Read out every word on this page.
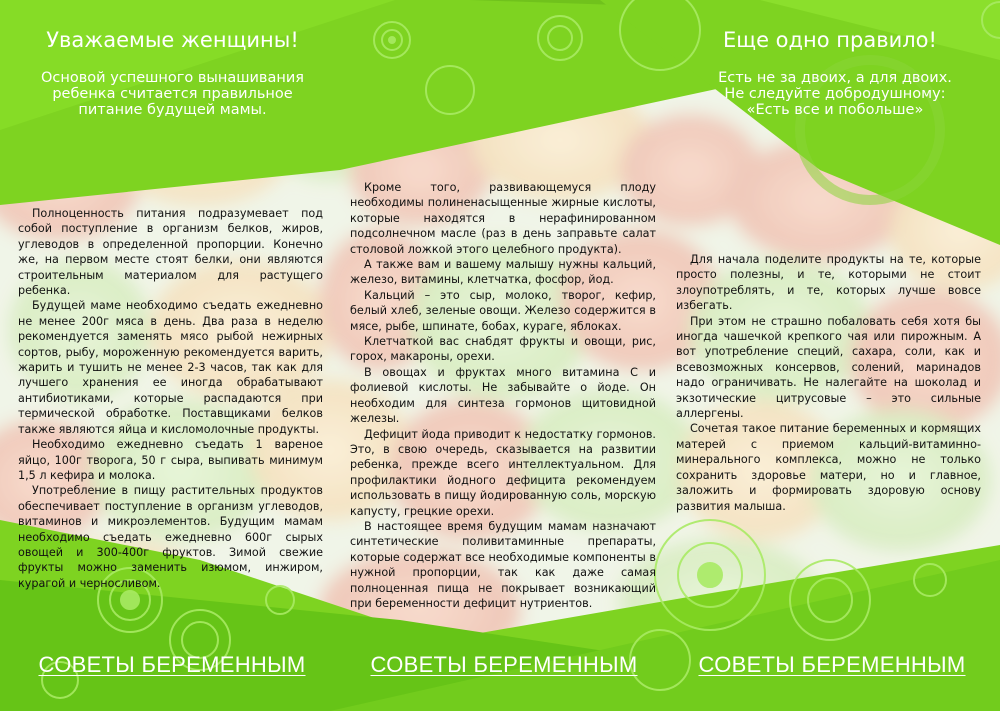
Уважаемые женщины!
Основой успешного вынашивания
ребенка считается правильное
питание будущей мамы.
Еще одно правило!
Есть не за двоих, а для двоих.
Не следуйте добродушному:
«Есть все и побольше»

Полноценность питания подразумевает под собой поступление в организм белков, жиров, углеводов в определенной пропорции. Конечно же, на первом месте стоят белки, они являются строительным материалом для растущего ребенка.

Будущей маме необходимо съедать ежедневно не менее 200г мяса в день. Два раза в неделю рекомендуется заменять мясо рыбой нежирных сортов, рыбу, мороженную рекомендуется варить, жарить и тушить не менее 2-3 часов, так как для лучшего хранения ее иногда обрабатывают антибиотиками, которые распадаются при термической обработке. Поставщиками белков также являются яйца и кисломолочные продукты.

Необходимо ежедневно съедать 1 вареное яйцо, 100г творога, 50 г сыра, выпивать минимум 1,5 л кефира и молока.

Употребление в пищу растительных продуктов обеспечивает поступление в организм углеводов, витаминов и микроэлементов. Будущим мамам необходимо съедать ежедневно 600г сырых овощей и 300-400г фруктов. Зимой свежие фрукты можно заменить изюмом, инжиром, курагой и черносливом.

Кроме того, развивающемуся плоду необходимы полиненасыщенные жирные кислоты, которые находятся в нерафинированном подсолнечном масле (раз в день заправьте салат столовой ложкой этого целебного продукта).

А также вам и вашему малышу нужны кальций, железо, витамины, клетчатка, фосфор, йод.

Кальций – это сыр, молоко, творог, кефир, белый хлеб, зеленые овощи. Железо содержится в мясе, рыбе, шпинате, бобах, кураге, яблоках.

Клетчаткой вас снабдят фрукты и овощи, рис, горох, макароны, орехи.

В овощах и фруктах много витамина С и фолиевой кислоты. Не забывайте о йоде. Он необходим для синтеза гормонов щитовидной железы.

Дефицит йода приводит к недостатку гормонов. Это, в свою очередь, сказывается на развитии ребенка, прежде всего интеллектуальном. Для профилактики йодного дефицита рекомендуем использовать в пищу йодированную соль, морскую капусту, грецкие орехи.

В настоящее время будущим мамам назначают синтетические поливитаминные препараты, которые содержат все необходимые компоненты в нужной пропорции, так как даже самая полноценная пища не покрывает возникающий при беременности дефицит нутриентов.

Для начала поделите продукты на те, которые просто полезны, и те, которыми не стоит злоупотреблять, и те, которых лучше вовсе избегать.

При этом не страшно побаловать себя хотя бы иногда чашечкой крепкого чая или пирожным. А вот употребление специй, сахара, соли, как и всевозможных консервов, солений, маринадов надо ограничивать. Не налегайте на шоколад и экзотические цитрусовые – это сильные аллергены.

Сочетая такое питание беременных и кормящих матерей с приемом кальций-витаминно-минерального комплекса, можно не только сохранить здоровье матери, но и главное, заложить и формировать здоровую основу развития малыша.

СОВЕТЫ БЕРЕМЕННЫМ	СОВЕТЫ БЕРЕМЕННЫМ	СОВЕТЫ БЕРЕМЕННЫМ
